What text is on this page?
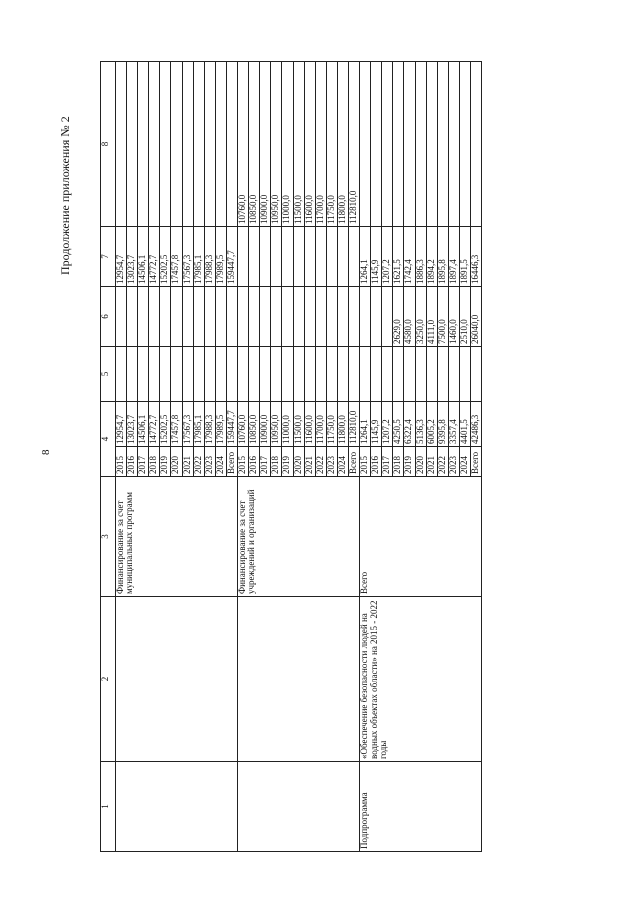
8
Продолжение приложения № 2
1	2	3	4		5	6	7	8
		Финансирование за счет муниципальных программ	2015	12954,7			12954,7	
			2016	13023,7			13023,7	
			2017	14506,1			14506,1	
			2018	14772,7			14772,7	
			2019	15202,5			15202,5	
			2020	17457,8			17457,8	
			2021	17567,3			17567,3	
			2022	17985,1			17985,1	
			2023	17988,3			17988,3	
			2024	17989,5			17989,5	
			Всего	159447,7			159447,7	
		Финансирование за счет учреждений и организаций	2015	10760,0				10760,0
			2016	10850,0				10850,0
			2017	10900,0				10900,0
			2018	10950,0				10950,0
			2019	11000,0				11000,0
			2020	11500,0				11500,0
			2021	11600,0				11600,0
			2022	11700,0				11700,0
			2023	11750,0				11750,0
			2024	11800,0				11800,0
			Всего	112810,0				112810,0
Подпрограмма	«Обеспечение безопасности людей на водных объектах области» на 2015 - 2022 годы	Всего	2015	1264,1			1264,1	
			2016	1145,9			1145,9	
			2017	1207,2			1207,2	
			2018	4250,5		2629,0	1621,5	
			2019	6322,4		4580,0	1742,4	
			2020	5136,3		3250,0	1886,3	
			2021	6005,2		4111,0	1894,2	
			2022	9395,8		7500,0	1895,8	
			2023	3357,4		1460,0	1897,4	
			2024	4401,5		2510,0	1891,5	
			Всего	42486,3		26040,0	16446,3	
